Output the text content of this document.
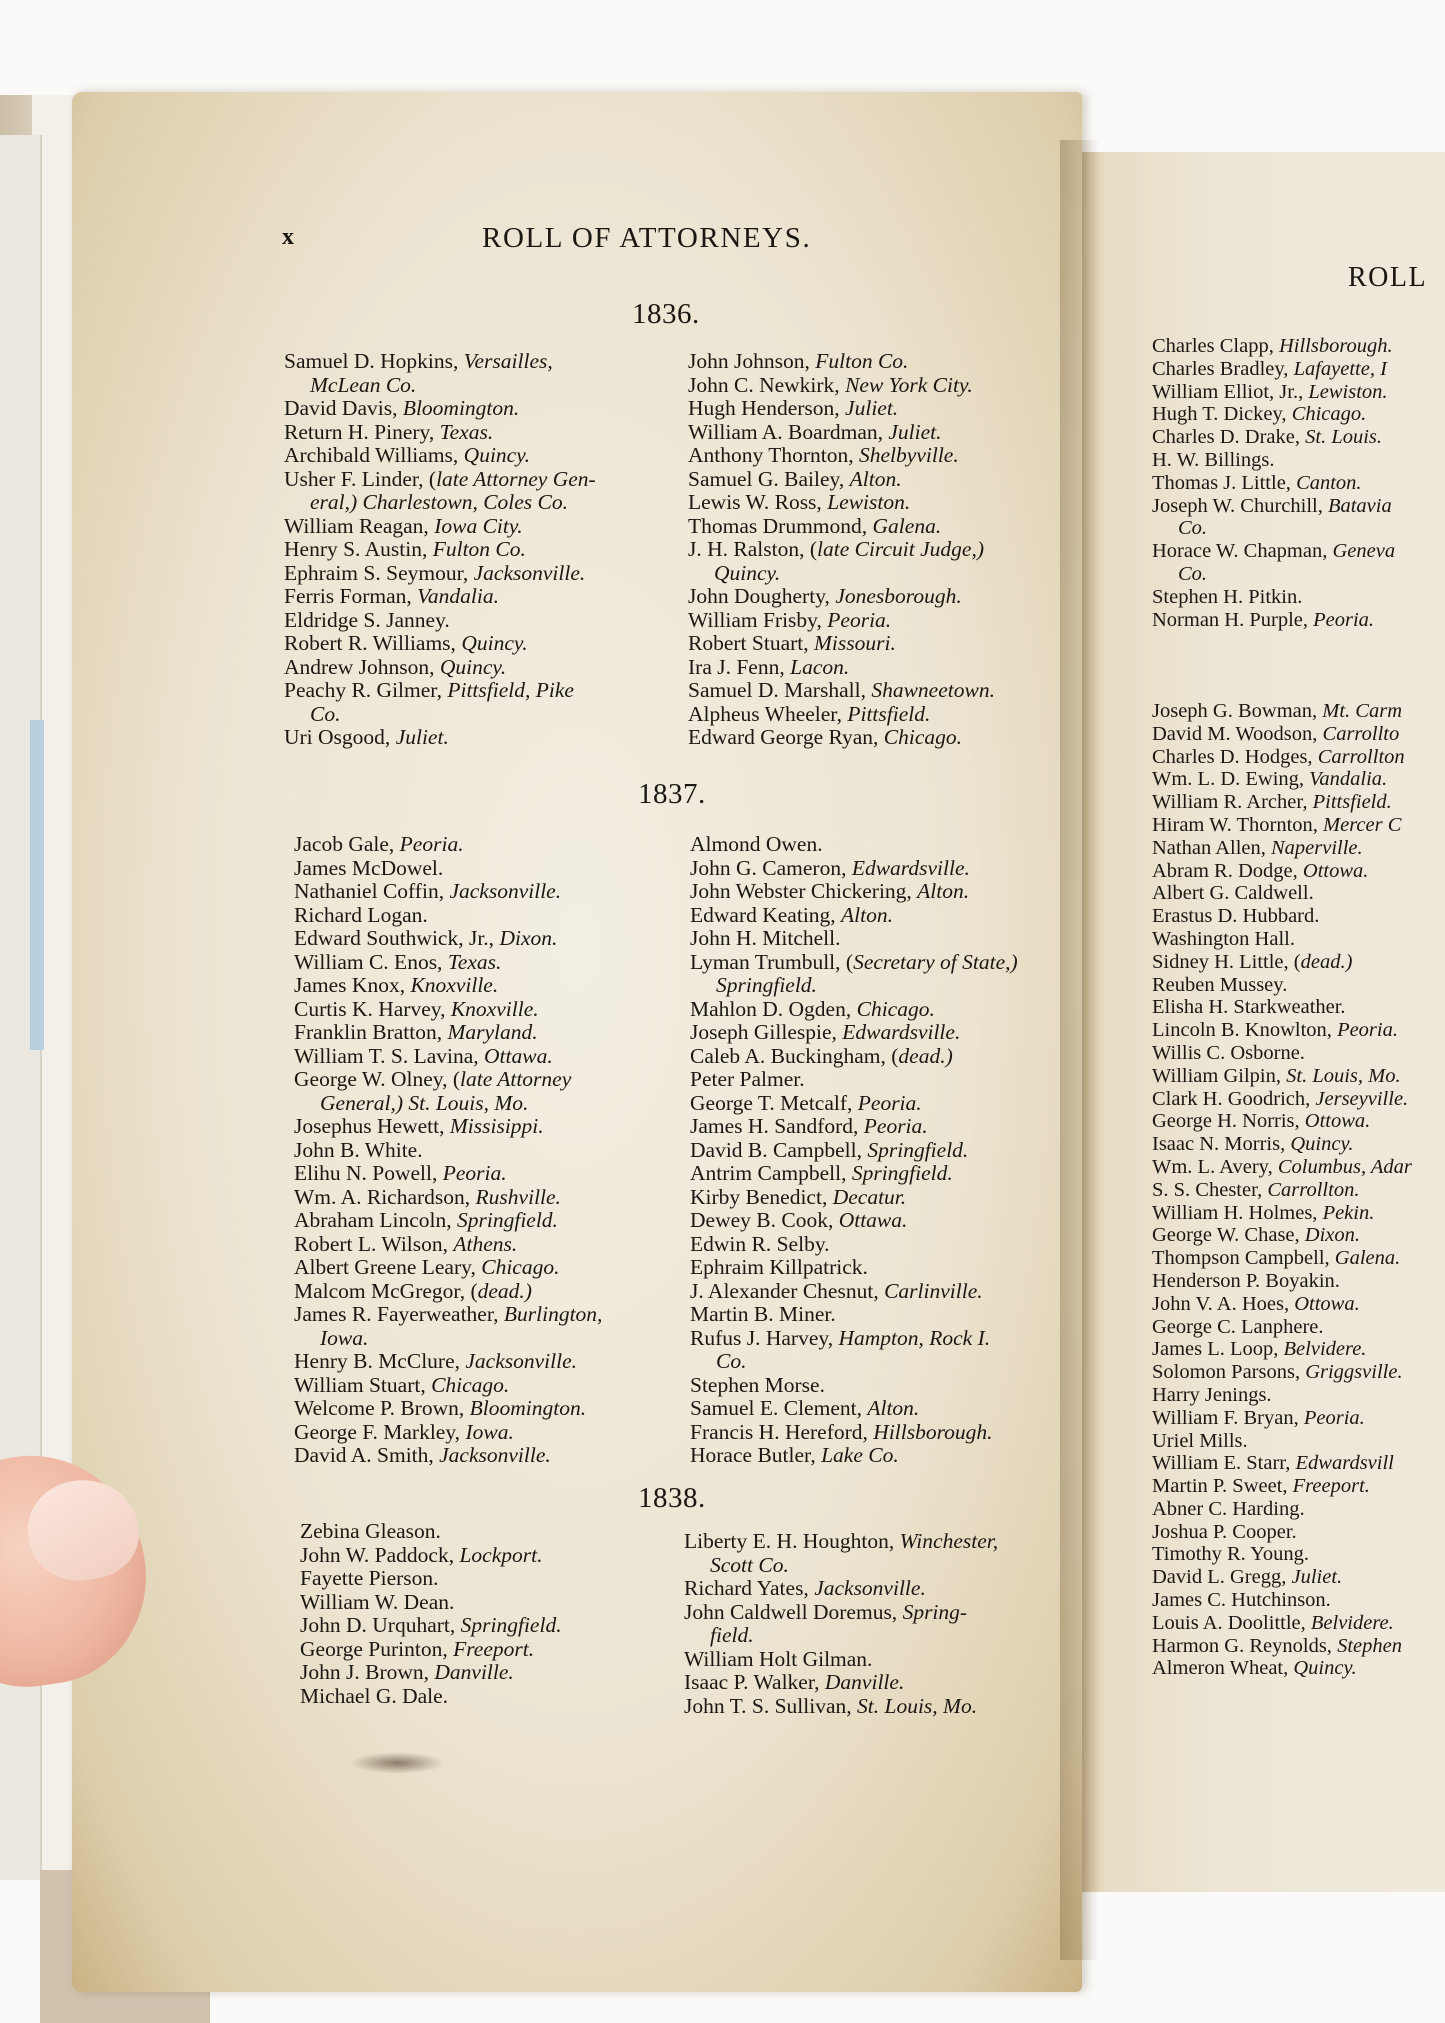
x	ROLL OF ATTORNEYS.
1836.
Samuel D. Hopkins, Versailles,
McLean Co.
David Davis, Bloomington.
Return H. Pinery, Texas.
Archibald Williams, Quincy.
Usher F. Linder, (late Attorney Gen-
eral,) Charlestown, Coles Co.
William Reagan, Iowa City.
Henry S. Austin, Fulton Co.
Ephraim S. Seymour, Jacksonville.
Ferris Forman, Vandalia.
Eldridge S. Janney.
Robert R. Williams, Quincy.
Andrew Johnson, Quincy.
Peachy R. Gilmer, Pittsfield, Pike
Co.
Uri Osgood, Juliet.
John Johnson, Fulton Co.
John C. Newkirk, New York City.
Hugh Henderson, Juliet.
William A. Boardman, Juliet.
Anthony Thornton, Shelbyville.
Samuel G. Bailey, Alton.
Lewis W. Ross, Lewiston.
Thomas Drummond, Galena.
J. H. Ralston, (late Circuit Judge,)
Quincy.
John Dougherty, Jonesborough.
William Frisby, Peoria.
Robert Stuart, Missouri.
Ira J. Fenn, Lacon.
Samuel D. Marshall, Shawneetown.
Alpheus Wheeler, Pittsfield.
Edward George Ryan, Chicago.
1837.
Jacob Gale, Peoria.
James McDowel.
Nathaniel Coffin, Jacksonville.
Richard Logan.
Edward Southwick, Jr., Dixon.
William C. Enos, Texas.
James Knox, Knoxville.
Curtis K. Harvey, Knoxville.
Franklin Bratton, Maryland.
William T. S. Lavina, Ottawa.
George W. Olney, (late Attorney
General,) St. Louis, Mo.
Josephus Hewett, Missisippi.
John B. White.
Elihu N. Powell, Peoria.
Wm. A. Richardson, Rushville.
Abraham Lincoln, Springfield.
Robert L. Wilson, Athens.
Albert Greene Leary, Chicago.
Malcom McGregor, (dead.)
James R. Fayerweather, Burlington,
Iowa.
Henry B. McClure, Jacksonville.
William Stuart, Chicago.
Welcome P. Brown, Bloomington.
George F. Markley, Iowa.
David A. Smith, Jacksonville.
Almond Owen.
John G. Cameron, Edwardsville.
John Webster Chickering, Alton.
Edward Keating, Alton.
John H. Mitchell.
Lyman Trumbull, (Secretary of State,)
Springfield.
Mahlon D. Ogden, Chicago.
Joseph Gillespie, Edwardsville.
Caleb A. Buckingham, (dead.)
Peter Palmer.
George T. Metcalf, Peoria.
James H. Sandford, Peoria.
David B. Campbell, Springfield.
Antrim Campbell, Springfield.
Kirby Benedict, Decatur.
Dewey B. Cook, Ottawa.
Edwin R. Selby.
Ephraim Killpatrick.
J. Alexander Chesnut, Carlinville.
Martin B. Miner.
Rufus J. Harvey, Hampton, Rock I.
Co.
Stephen Morse.
Samuel E. Clement, Alton.
Francis H. Hereford, Hillsborough.
Horace Butler, Lake Co.
1838.
Zebina Gleason.
John W. Paddock, Lockport.
Fayette Pierson.
William W. Dean.
John D. Urquhart, Springfield.
George Purinton, Freeport.
John J. Brown, Danville.
Michael G. Dale.
Liberty E. H. Houghton, Winchester,
Scott Co.
Richard Yates, Jacksonville.
John Caldwell Doremus, Spring-
field.
William Holt Gilman.
Isaac P. Walker, Danville.
John T. S. Sullivan, St. Louis, Mo.
ROLL
Charles Clapp, Hillsborough.
Charles Bradley, Lafayette, I
William Elliot, Jr., Lewiston.
Hugh T. Dickey, Chicago.
Charles D. Drake, St. Louis.
H. W. Billings.
Thomas J. Little, Canton.
Joseph W. Churchill, Batavia
Co.
Horace W. Chapman, Geneva
Co.
Stephen H. Pitkin.
Norman H. Purple, Peoria.
Joseph G. Bowman, Mt. Carm
David M. Woodson, Carrollto
Charles D. Hodges, Carrollton
Wm. L. D. Ewing, Vandalia.
William R. Archer, Pittsfield.
Hiram W. Thornton, Mercer C
Nathan Allen, Naperville.
Abram R. Dodge, Ottowa.
Albert G. Caldwell.
Erastus D. Hubbard.
Washington Hall.
Sidney H. Little, (dead.)
Reuben Mussey.
Elisha H. Starkweather.
Lincoln B. Knowlton, Peoria.
Willis C. Osborne.
William Gilpin, St. Louis, Mo.
Clark H. Goodrich, Jerseyville.
George H. Norris, Ottowa.
Isaac N. Morris, Quincy.
Wm. L. Avery, Columbus, Adar
S. S. Chester, Carrollton.
William H. Holmes, Pekin.
George W. Chase, Dixon.
Thompson Campbell, Galena.
Henderson P. Boyakin.
John V. A. Hoes, Ottowa.
George C. Lanphere.
James L. Loop, Belvidere.
Solomon Parsons, Griggsville.
Harry Jenings.
William F. Bryan, Peoria.
Uriel Mills.
William E. Starr, Edwardsvill
Martin P. Sweet, Freeport.
Abner C. Harding.
Joshua P. Cooper.
Timothy R. Young.
David L. Gregg, Juliet.
James C. Hutchinson.
Louis A. Doolittle, Belvidere.
Harmon G. Reynolds, Stephen
Almeron Wheat, Quincy.
